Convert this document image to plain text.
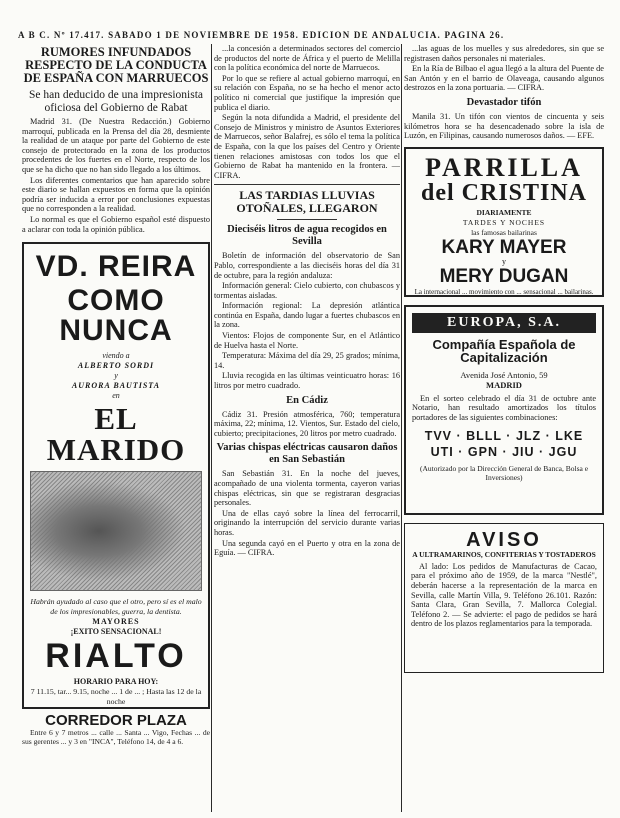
A B C. Nº 17.417. SABADO 1 DE NOVIEMBRE DE 1958. EDICION DE ANDALUCIA. PAGINA 26.

RUMORES INFUNDADOS RESPECTO DE LA CONDUCTA DE ESPAÑA CON MARRUECOS

Se han deducido de una impresionista oficiosa del Gobierno de Rabat

Madrid 31. (De Nuestra Redacción.) Gobierno marroquí, publicada en la Prensa del día 28, desmiente la realidad de un ataque por parte del Gobierno de este consejo de protectorado en la zona de los productos procedentes de los fuertes en el Norte, respecto de los que se ha dicho que no han sido llegado a los últimos.

Los diferentes comentarios que han aparecido sobre este diario se hallan expuestos en forma que la opinión podría ser inducida a error por conclusiones expuestas que no corresponden a la realidad.

Lo normal es que el Gobierno español esté dispuesto a aclarar con toda la opinión pública.

VD. REIRA
COMO NUNCA
viendo a
ALBERTO SORDI
y
AURORA BAUTISTA
en
EL MARIDO

Habrán ayudado al caso que el otro, pero sí es el malo de los impresionables, guerra, la dentista.

MAYORES
¡EXITO SENSACIONAL!
RIALTO
HORARIO PARA HOY:
7 11.15, tar... 9.15, noche ... 1 de ... ; Hasta las 12 de la noche
CORREDOR PLAZA

Entre 6 y 7 metros ... calle ... Santa ... Vigo, Fechas ... de sus gerentes ... y 3 en "INCA", Teléfono 14, de 4 a 6.

...la concesión a determinados sectores del comercio de productos del norte de África y el puerto de Melilla con la política económica del norte de Marruecos.

Por lo que se refiere al actual gobierno marroquí, en su relación con España, no se ha hecho el menor acto político ni comercial que justifique la impresión que publica el diario.

Según la nota difundida a Madrid, el presidente del Consejo de Ministros y ministro de Asuntos Exteriores de Marruecos, señor Balafrej, es sólo el tema la política de España, con la que los países del Centro y Oriente tienen relaciones amistosas con todos los que el Gobierno de Rabat ha mantenido en la frontera. — CIFRA.

LAS TARDIAS LLUVIAS OTOÑALES, LLEGARON

Dieciséis litros de agua recogidos en Sevilla

Boletín de información del observatorio de San Pablo, correspondiente a las dieciséis horas del día 31 de octubre, para la región andaluza:

Información general: Cielo cubierto, con chubascos y tormentas aisladas.

Información regional: La depresión atlántica continúa en España, dando lugar a fuertes chubascos en la zona.

Vientos: Flojos de componente Sur, en el Atlántico de Huelva hasta el Norte.

Temperatura: Máxima del día 29, 25 grados; mínima, 14.

Lluvia recogida en las últimas veinticuatro horas: 16 litros por metro cuadrado.

En Cádiz

Cádiz 31. Presión atmosférica, 760; temperatura máxima, 22; mínima, 12. Vientos, Sur. Estado del cielo, cubierto; precipitaciones, 20 litros por metro cuadrado.

Varias chispas eléctricas causaron daños en San Sebastián

San Sebastián 31. En la noche del jueves, acompañado de una violenta tormenta, cayeron varias chispas eléctricas, sin que se registraran desgracias personales.

Una de ellas cayó sobre la línea del ferrocarril, originando la interrupción del servicio durante varias horas.

Una segunda cayó en el Puerto y otra en la zona de Eguía. — CIFRA.

...las aguas de los muelles y sus alrededores, sin que se registrasen daños personales ni materiales.

En la Ría de Bilbao el agua llegó a la altura del Puente de San Antón y en el barrio de Olaveaga, causando algunos destrozos en la zona portuaria. — CIFRA.

Devastador tifón

Manila 31. Un tifón con vientos de cincuenta y seis kilómetros hora se ha desencadenado sobre la isla de Luzón, en Filipinas, causando numerosos daños. — EFE.

PARRILLA
del CRISTINA
DIARIAMENTE
TARDES Y NOCHES
las famosas bailarinas
KARY MAYER
y
MERY DUGAN
La internacional ... movimiento con ... sensacional ... bailarinas.
EUROPA, S.A.
Compañía Española de Capitalización
Avenida José Antonio, 59
MADRID

En el sorteo celebrado el día 31 de octubre ante Notario, han resultado amortizados los títulos portadores de las siguientes combinaciones:

TVV · BLLL · JLZ · LKE
UTI · GPN · JIU · JGU
(Autorizado por la Dirección General de Banca, Bolsa e Inversiones)
AVISO
A ULTRAMARINOS, CONFITERIAS Y TOSTADEROS

Al lado: Los pedidos de Manufacturas de Cacao, para el próximo año de 1959, de la marca "Nestlé", deberán hacerse a la representación de la marca en Sevilla, calle Martín Villa, 9. Teléfono 26.101. Razón: Santa Clara, Gran Sevilla, 7. Mallorca Colegial. Teléfono 2. — Se advierte: el pago de pedidos se hará dentro de los plazos reglamentarios para la temporada.
